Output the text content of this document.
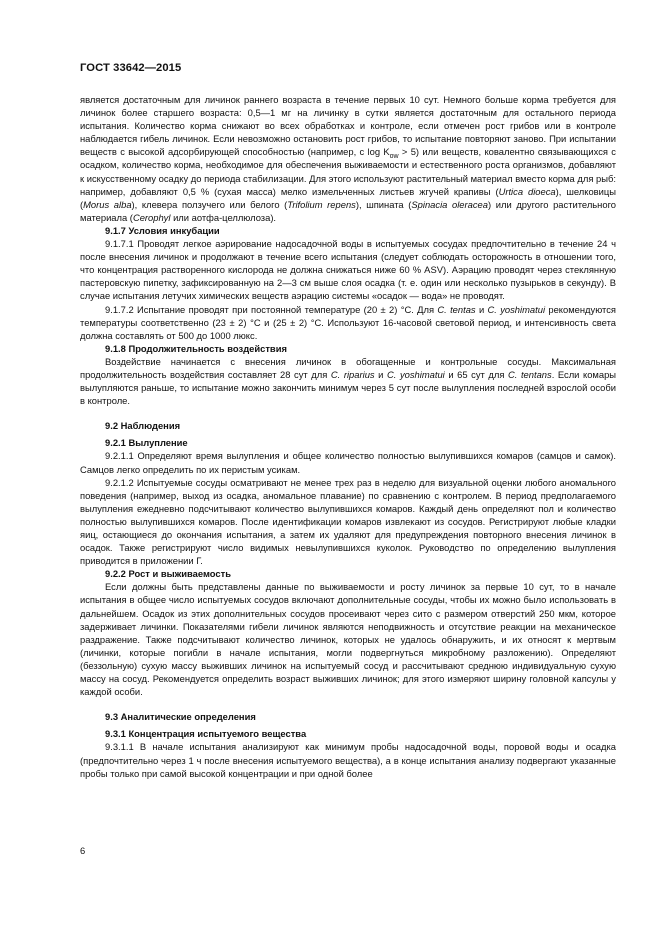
ГОСТ 33642—2015

является достаточным для личинок раннего возраста в течение первых 10 сут. Немного больше корма требуется для личинок более старшего возраста: 0,5—1 мг на личинку в сутки является достаточным для остального периода испытания. Количество корма снижают во всех обработках и контроле, если отмечен рост грибов или в контроле наблюдается гибель личинок. Если невозможно остановить рост грибов, то испытание повторяют заново. При испытании веществ с высокой адсорбирующей способностью (например, с $\log K_{ow} > 5$) или веществ, ковалентно связывающихся с осадком, количество корма, необходимое для обеспечения выживаемости и естественного роста организмов, добавляют к искусственному осадку до периода стабилизации. Для этого используют растительный материал вместо корма для рыб: например, добавляют 0,5 % (сухая масса) мелко измельченных листьев жгучей крапивы (Urtica dioeca), шелковицы (Morus alba), клевера ползучего или белого (Trifolium repens), шпината (Spinacia oleracea) или другого растительного материала (Cerophyl или аотфа-целлюлоза).

9.1.7 Условия инкубации

9.1.7.1 Проводят легкое аэрирование надосадочной воды в испытуемых сосудах предпочтительно в течение 24 ч после внесения личинок и продолжают в течение всего испытания (следует соблюдать осторожность в отношении того, что концентрация растворенного кислорода не должна снижаться ниже 60 % ASV). Аэрацию проводят через стеклянную пастеровскую пипетку, зафиксированную на 2—3 см выше слоя осадка (т. е. один или несколько пузырьков в секунду). В случае испытания летучих химических веществ аэрацию системы «осадок — вода» не проводят.

9.1.7.2 Испытание проводят при постоянной температуре (20 ± 2) °С. Для С. tentas и С. yoshimatui рекомендуются температуры соответственно (23 ± 2) °С и (25 ± 2) °С. Используют 16-часовой световой период, и интенсивность света должна составлять от 500 до 1000 люкс.

9.1.8 Продолжительность воздействия

Воздействие начинается с внесения личинок в обогащенные и контрольные сосуды. Максимальная продолжительность воздействия составляет 28 сут для С. riparius и С. yoshimatui и 65 сут для С. tentans. Если комары вылупляются раньше, то испытание можно закончить минимум через 5 сут после вылупления последней взрослой особи в контроле.

9.2 Наблюдения

9.2.1 Вылупление

9.2.1.1 Определяют время вылупления и общее количество полностью вылупившихся комаров (самцов и самок). Самцов легко определить по их перистым усикам.

9.2.1.2 Испытуемые сосуды осматривают не менее трех раз в неделю для визуальной оценки любого аномального поведения (например, выход из осадка, аномальное плавание) по сравнению с контролем. В период предполагаемого вылупления ежедневно подсчитывают количество вылупившихся комаров. Каждый день определяют пол и количество полностью вылупившихся комаров. После идентификации комаров извлекают из сосудов. Регистрируют любые кладки яиц, остающиеся до окончания испытания, а затем их удаляют для предупреждения повторного внесения личинок в осадок. Также регистрируют число видимых невылупившихся куколок. Руководство по определению вылупления приводится в приложении Г.

9.2.2 Рост и выживаемость

Если должны быть представлены данные по выживаемости и росту личинок за первые 10 сут, то в начале испытания в общее число испытуемых сосудов включают дополнительные сосуды, чтобы их можно было использовать в дальнейшем. Осадок из этих дополнительных сосудов просеивают через сито с размером отверстий 250 мкм, которое задерживает личинки. Показателями гибели личинок являются неподвижность и отсутствие реакции на механическое раздражение. Также подсчитывают количество личинок, которых не удалось обнаружить, и их относят к мертвым (личинки, которые погибли в начале испытания, могли подвергнуться микробному разложению). Определяют (беззольную) сухую массу выживших личинок на испытуемый сосуд и рассчитывают среднюю индивидуальную сухую массу на сосуд. Рекомендуется определить возраст выживших личинок; для этого измеряют ширину головной капсулы у каждой особи.

9.3 Аналитические определения

9.3.1 Концентрация испытуемого вещества

9.3.1.1 В начале испытания анализируют как минимум пробы надосадочной воды, поровой воды и осадка (предпочтительно через 1 ч после внесения испытуемого вещества), а в конце испытания анализу подвергают указанные пробы только при самой высокой концентрации и при одной более

6
